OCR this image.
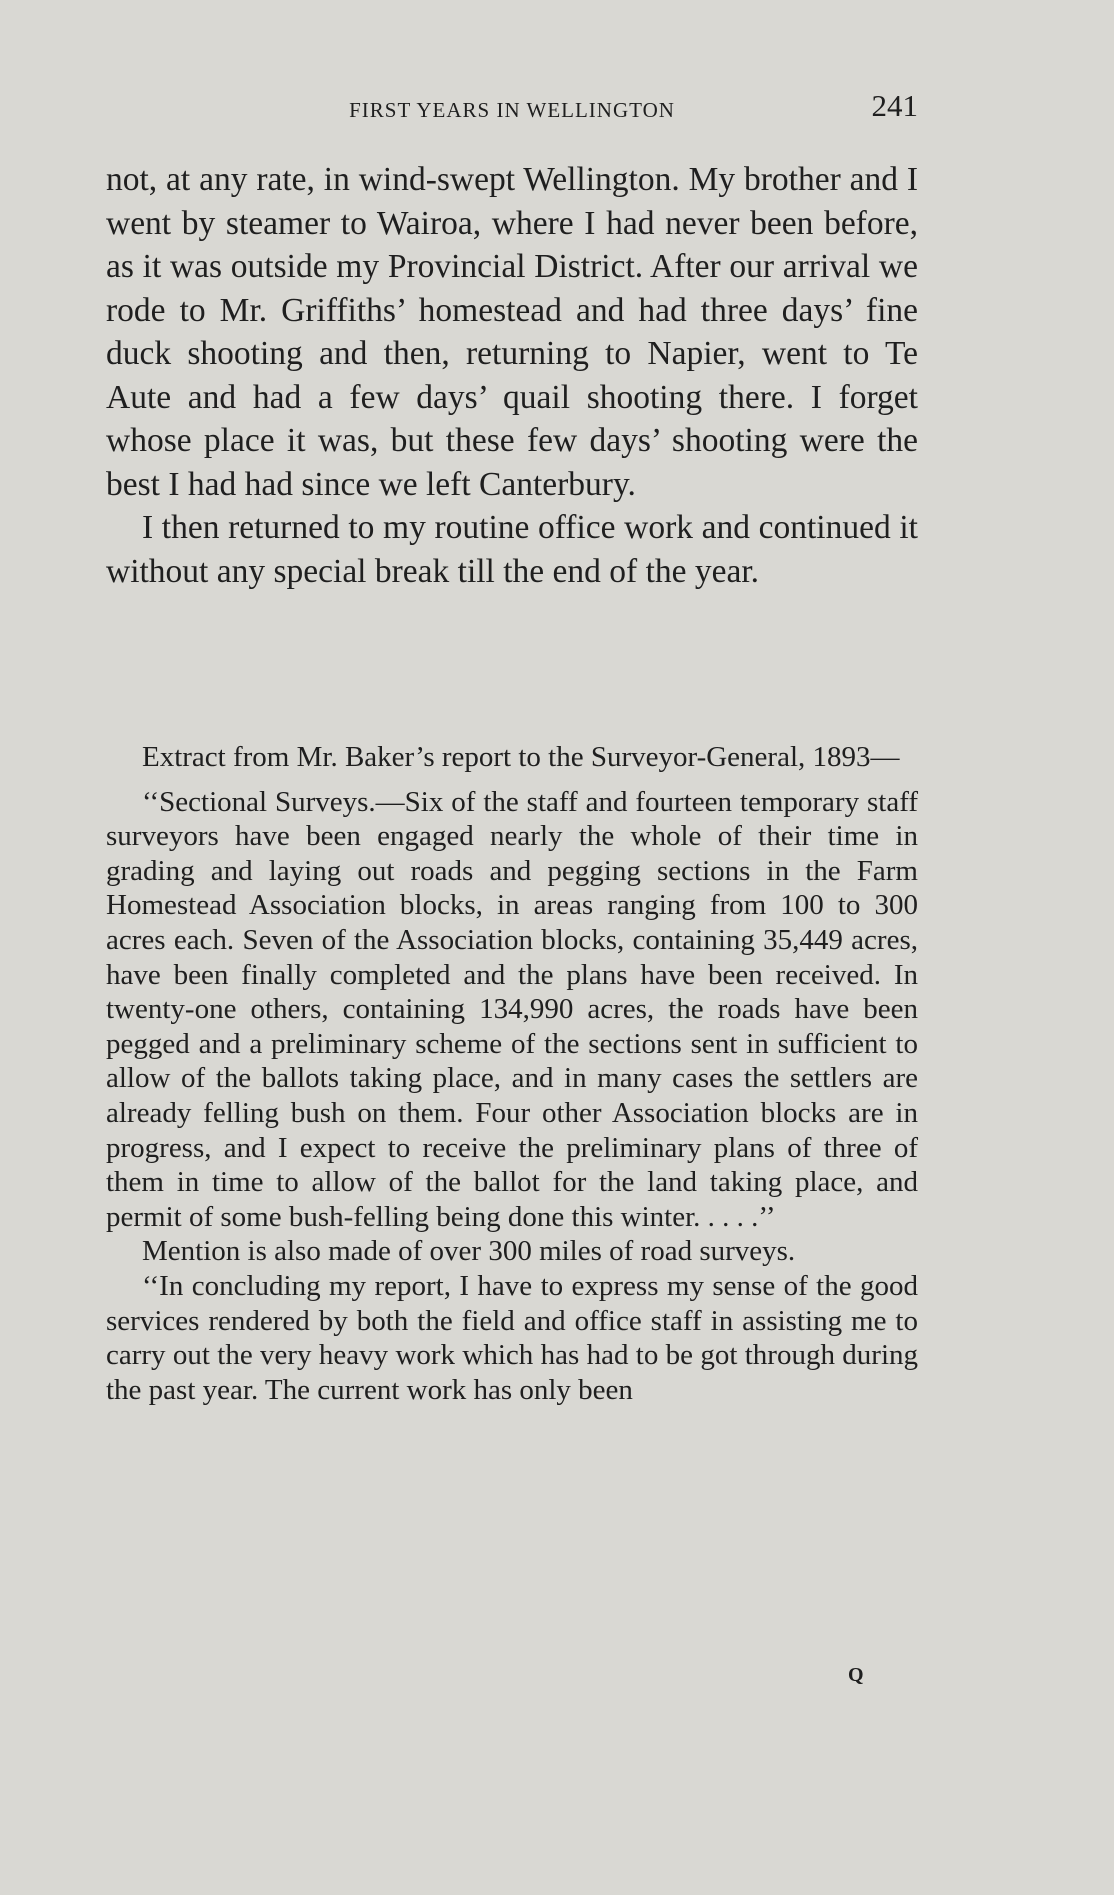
FIRST YEARS IN WELLINGTON	241

not, at any rate, in wind-swept Wellington. My brother and I went by steamer to Wairoa, where I had never been before, as it was outside my Provincial District. After our arrival we rode to Mr. Griffiths’ homestead and had three days’ fine duck shooting and then, returning to Napier, went to Te Aute and had a few days’ quail shooting there. I forget whose place it was, but these few days’ shooting were the best I had had since we left Canterbury.

I then returned to my routine office work and continued it without any special break till the end of the year.

Extract from Mr. Baker’s report to the Surveyor-General, 1893—

‘‘Sectional Surveys.—Six of the staff and fourteen temporary staff surveyors have been engaged nearly the whole of their time in grading and laying out roads and pegging sections in the Farm Homestead Association blocks, in areas ranging from 100 to 300 acres each. Seven of the Association blocks, containing 35,449 acres, have been finally completed and the plans have been received. In twenty-one others, containing 134,990 acres, the roads have been pegged and a preliminary scheme of the sections sent in sufficient to allow of the ballots taking place, and in many cases the settlers are already felling bush on them. Four other Association blocks are in progress, and I expect to receive the preliminary plans of three of them in time to allow of the ballot for the land taking place, and permit of some bush-felling being done this winter. . . . .’’

Mention is also made of over 300 miles of road surveys.

‘‘In concluding my report, I have to express my sense of the good services rendered by both the field and office staff in assisting me to carry out the very heavy work which has had to be got through during the past year. The current work has only been

Q
